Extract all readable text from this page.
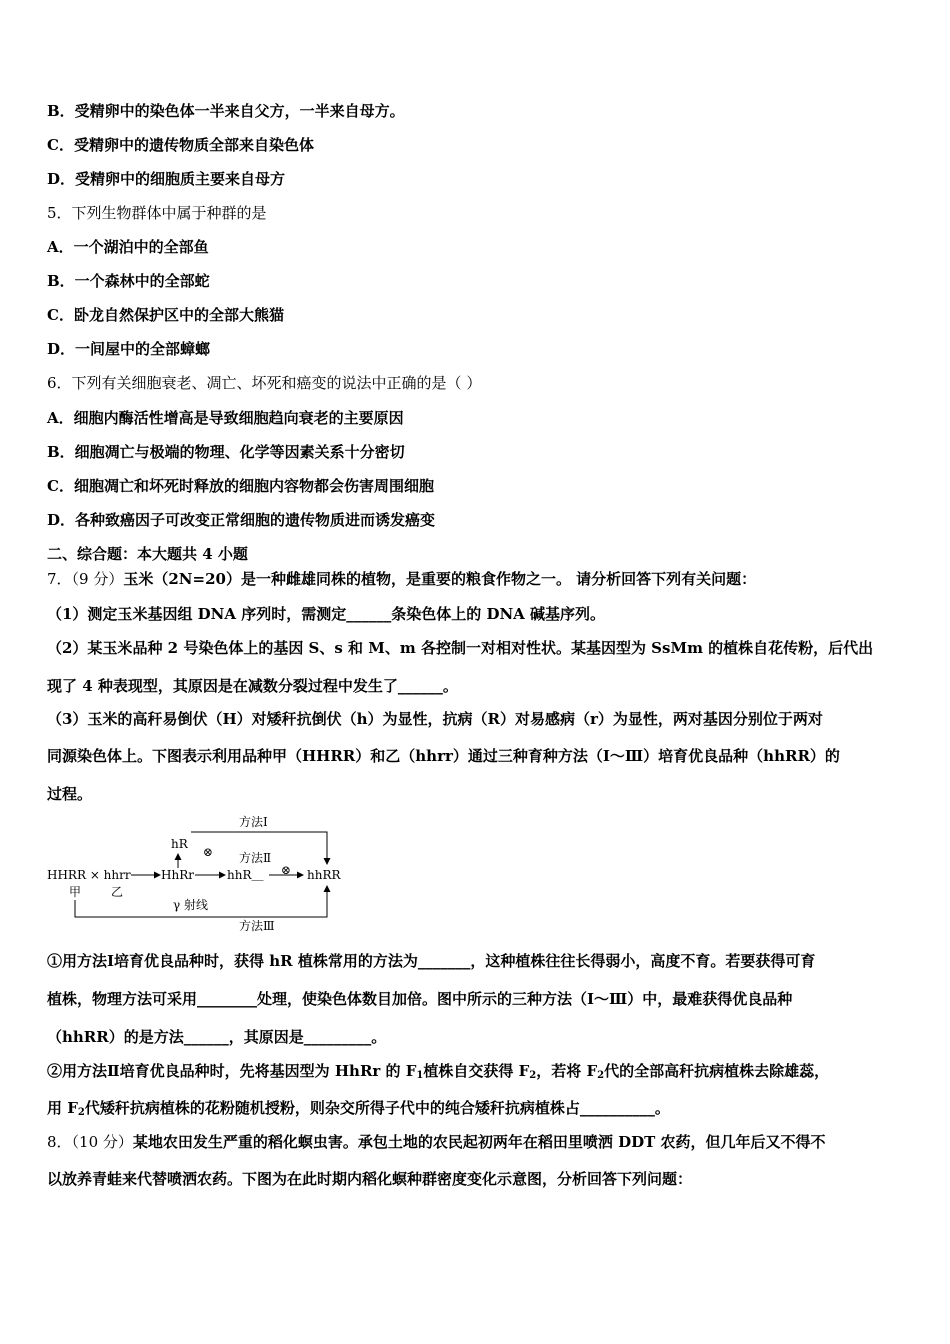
B．受精卵中的染色体一半来自父方，一半来自母方。
C．受精卵中的遗传物质全部来自染色体
D．受精卵中的细胞质主要来自母方
5．下列生物群体中属于种群的是
A．一个湖泊中的全部鱼
B．一个森林中的全部蛇
C．卧龙自然保护区中的全部大熊猫
D．一间屋中的全部蟑螂
6．下列有关细胞衰老、凋亡、坏死和癌变的说法中正确的是（ ）
A．细胞内酶活性增高是导致细胞趋向衰老的主要原因
B．细胞凋亡与极端的物理、化学等因素关系十分密切
C．细胞凋亡和坏死时释放的细胞内容物都会伤害周围细胞
D．各种致癌因子可改变正常细胞的遗传物质进而诱发癌变
二、综合题：本大题共 4 小题
7．（9 分）玉米（2N=20）是一种雌雄同株的植物，是重要的粮食作物之一。 请分析回答下列有关问题：
（1）测定玉米基因组 DNA 序列时，需测定______条染色体上的 DNA 碱基序列。
（2）某玉米品种 2 号染色体上的基因 S、s 和 M、m 各控制一对相对性状。某基因型为 SsMm 的植株自花传粉，后代出
现了 4 种表现型，其原因是在减数分裂过程中发生了______。
（3）玉米的高秆易倒伏（H）对矮秆抗倒伏（h）为显性，抗病（R）对易感病（r）为显性，两对基因分别位于两对
同源染色体上。下图表示利用品种甲（HHRR）和乙（hhrr）通过三种育种方法（Ⅰ～Ⅲ）培育优良品种（hhRR）的
过程。
方法Ⅰ
hR
⊗ 方法Ⅱ
⊗
HHRR × hhrr	HhRr	hhR＿	hhRR
甲 乙
γ 射线
方法Ⅲ
①用方法Ⅰ培育优良品种时，获得 hR 植株常用的方法为_______，这种植株往往长得弱小，高度不育。若要获得可育
植株，物理方法可采用________处理，使染色体数目加倍。图中所示的三种方法（Ⅰ～Ⅲ）中，最难获得优良品种
（hhRR）的是方法______，其原因是_________。
②用方法Ⅱ培育优良品种时，先将基因型为 HhRr 的 $F_1$植株自交获得 $F_2$，若将 $F_2$代的全部高秆抗病植株去除雄蕊，
用 $F_2$代矮秆抗病植株的花粉随机授粉，则杂交所得子代中的纯合矮秆抗病植株占__________。
8．（10 分）某地农田发生严重的稻化螟虫害。承包土地的农民起初两年在稻田里喷洒 DDT 农药，但几年后又不得不
以放养青蛙来代替喷洒农药。下图为在此时期内稻化螟种群密度变化示意图，分析回答下列问题：
